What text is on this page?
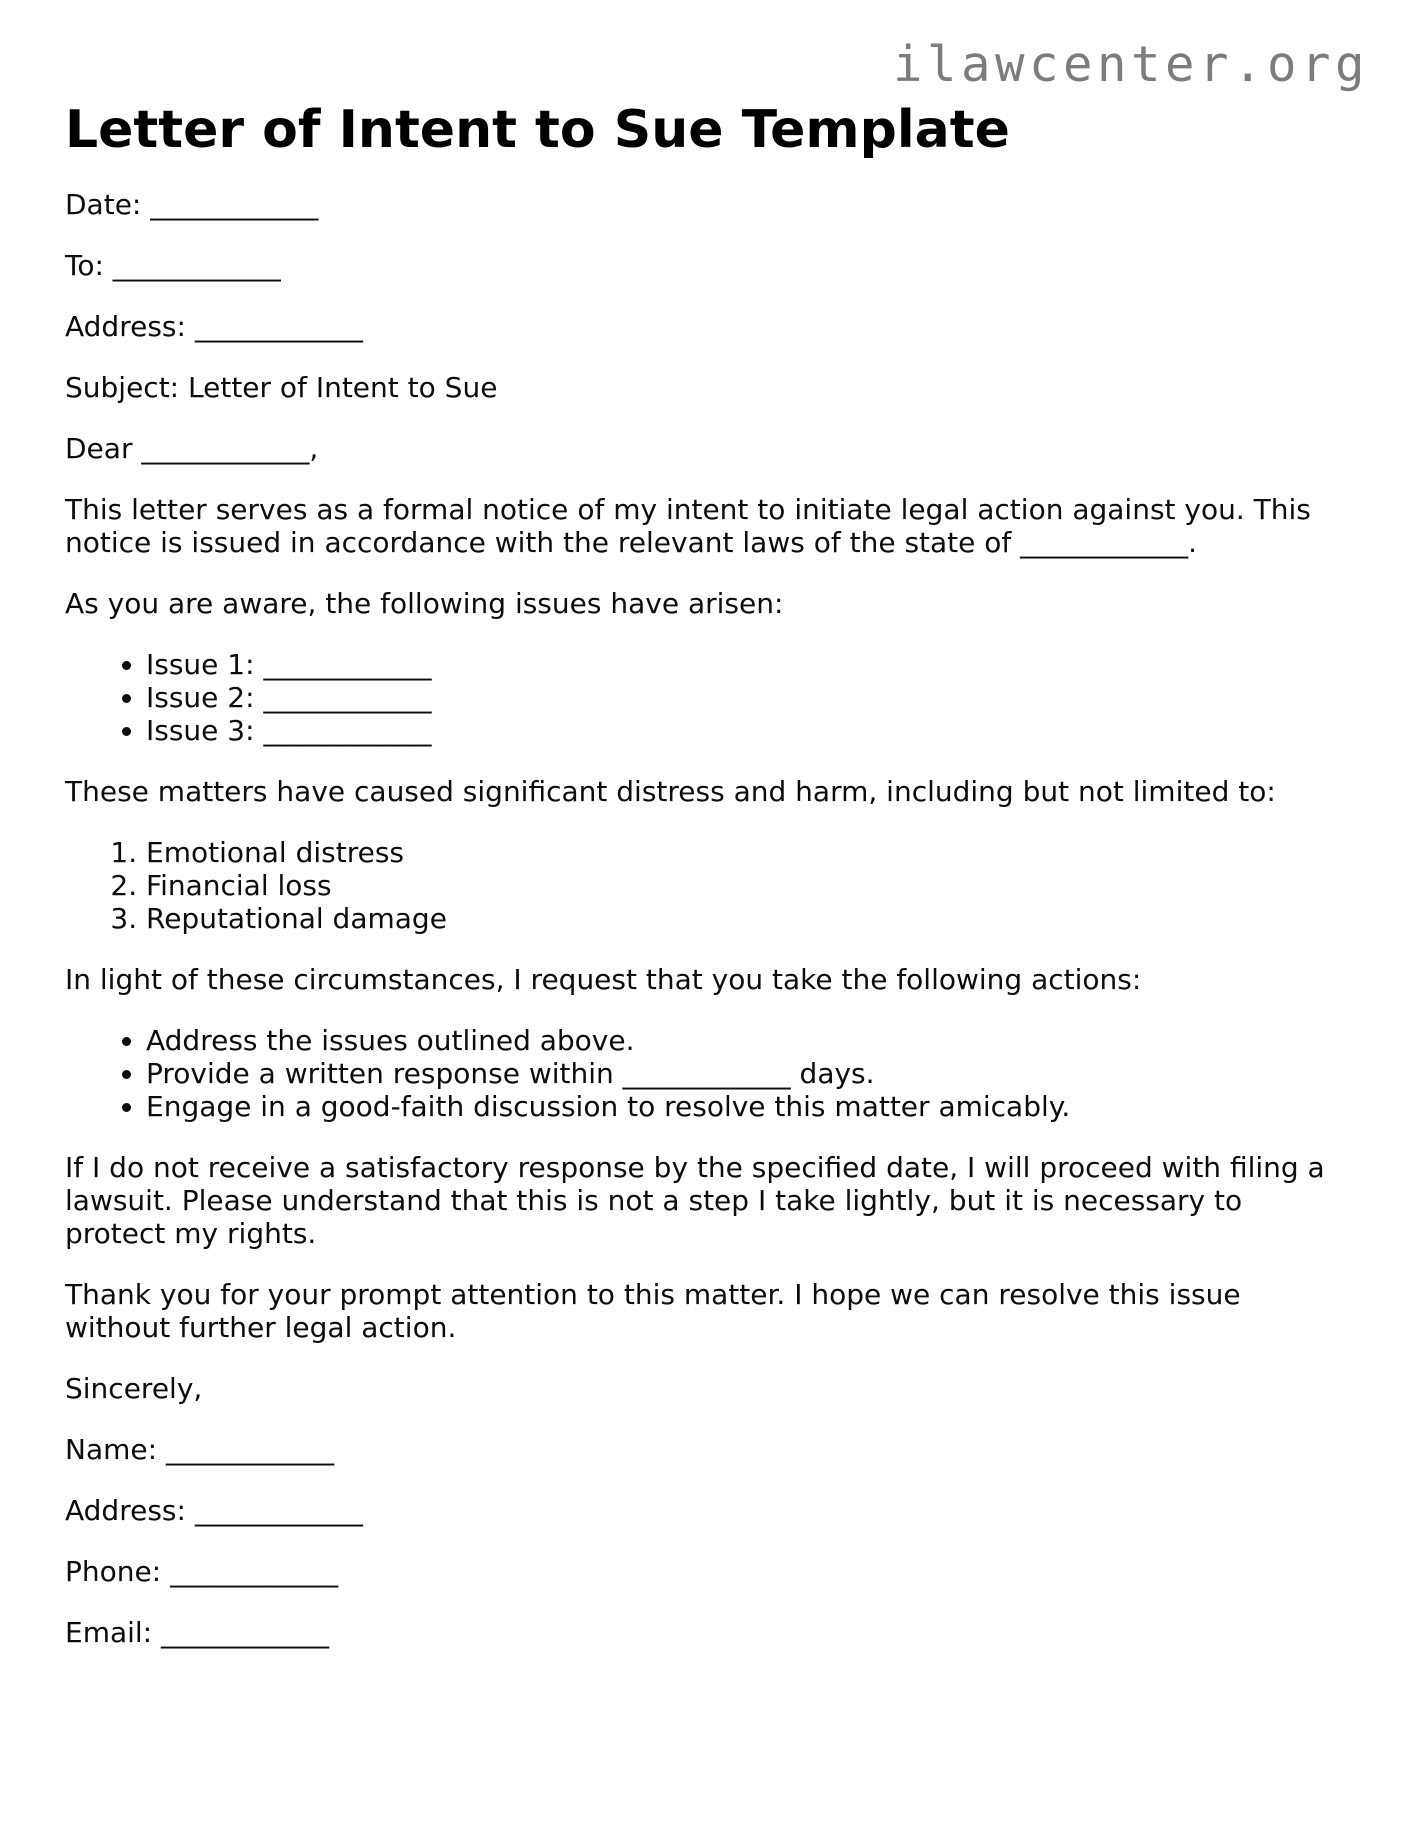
ilawcenter.org
Letter of Intent to Sue Template

Date: ____________

To: ____________

Address: ____________

Subject: Letter of Intent to Sue

Dear ____________,

This letter serves as a formal notice of my intent to initiate legal action against you. This notice is issued in accordance with the relevant laws of the state of ____________.

As you are aware, the following issues have arisen:

• Issue 1: ____________
• Issue 2: ____________
• Issue 3: ____________

These matters have caused significant distress and harm, including but not limited to:

1. Emotional distress
2. Financial loss
3. Reputational damage

In light of these circumstances, I request that you take the following actions:

• Address the issues outlined above.
• Provide a written response within ____________ days.
• Engage in a good-faith discussion to resolve this matter amicably.

If I do not receive a satisfactory response by the specified date, I will proceed with filing a lawsuit. Please understand that this is not a step I take lightly, but it is necessary to protect my rights.

Thank you for your prompt attention to this matter. I hope we can resolve this issue without further legal action.

Sincerely,

Name: ____________

Address: ____________

Phone: ____________

Email: ____________
